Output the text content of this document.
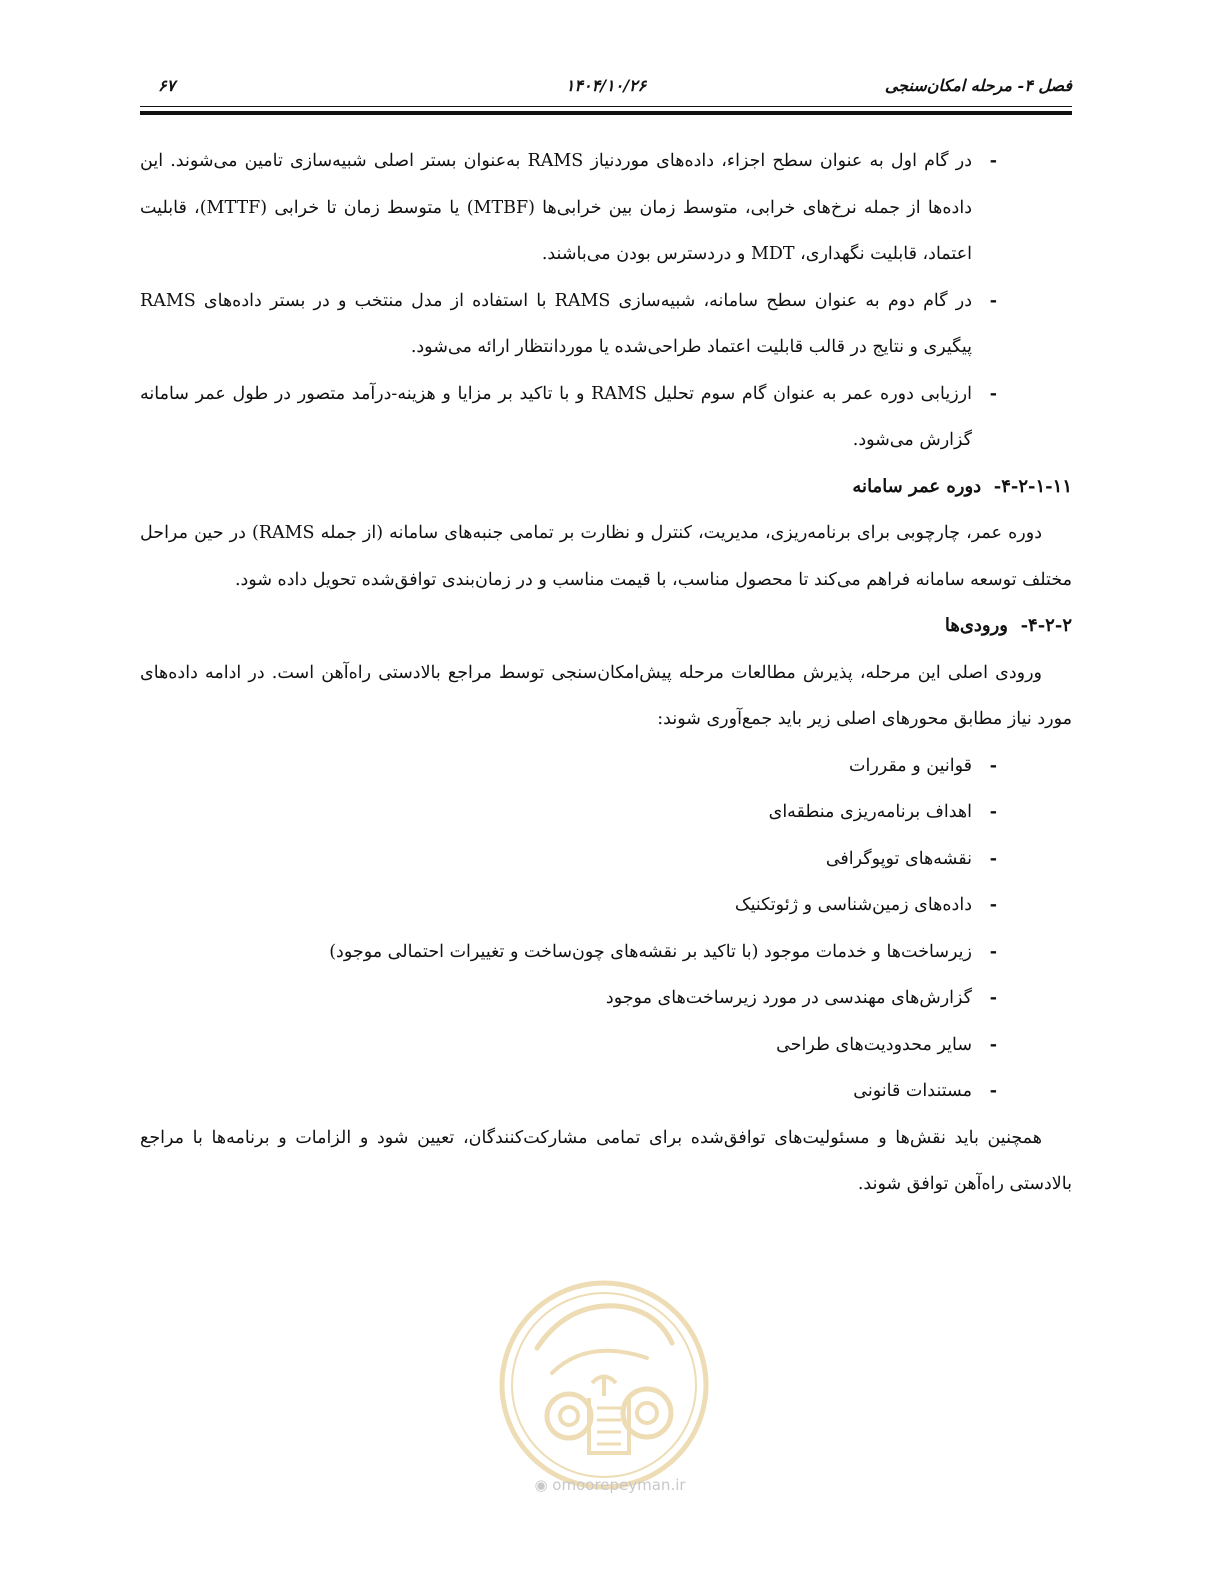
فصل ۴- مرحله امکان‌سنجی
۱۴۰۴/۱۰/۲۶
۶۷
- در گام اول به عنوان سطح اجزاء، داده‌های موردنیاز RAMS به‌عنوان بستر اصلی شبیه‌سازی تامین می‌شوند. این داده‌ها از جمله نرخ‌های خرابی، متوسط زمان بین خرابی‌ها (MTBF) یا متوسط زمان تا خرابی (MTTF)، قابلیت اعتماد، قابلیت نگهداری، MDT و دردسترس بودن می‌باشند.
- در گام دوم به عنوان سطح سامانه، شبیه‌سازی RAMS با استفاده از مدل منتخب و در بستر داده‌های RAMS پیگیری و نتایج در قالب قابلیت اعتماد طراحی‌شده یا موردانتظار ارائه می‌شود.
- ارزیابی دوره عمر به عنوان گام سوم تحلیل RAMS و با تاکید بر مزایا و هزینه-درآمد متصور در طول عمر سامانه گزارش می‌شود.

۴-۲-۱-۱۱-  دوره عمر سامانه

دوره عمر، چارچوبی برای برنامه‌ریزی، مدیریت، کنترل و نظارت بر تمامی جنبه‌های سامانه (از جمله RAMS) در حین مراحل مختلف توسعه سامانه فراهم می‌کند تا محصول مناسب، با قیمت مناسب و در زمان‌بندی توافق‌شده تحویل داده شود.

۴-۲-۲-  ورودی‌ها

ورودی اصلی این مرحله، پذیرش مطالعات مرحله پیش‌امکان‌سنجی توسط مراجع بالادستی راه‌آهن است. در ادامه داده‌های مورد نیاز مطابق محورهای اصلی زیر باید جمع‌آوری شوند:

- قوانین و مقررات
- اهداف برنامه‌ریزی منطقه‌ای
- نقشه‌های توپوگرافی
- داده‌های زمین‌شناسی و ژئوتکنیک
- زیرساخت‌ها و خدمات موجود (با تاکید بر نقشه‌های چون‌ساخت و تغییرات احتمالی موجود)
- گزارش‌های مهندسی در مورد زیرساخت‌های موجود
- سایر محدودیت‌های طراحی
- مستندات قانونی

همچنین باید نقش‌ها و مسئولیت‌های توافق‌شده برای تمامی مشارکت‌کنندگان، تعیین شود و الزامات و برنامه‌ها با مراجع بالادستی راه‌آهن توافق شوند.

◉ omoorepeyman.ir
